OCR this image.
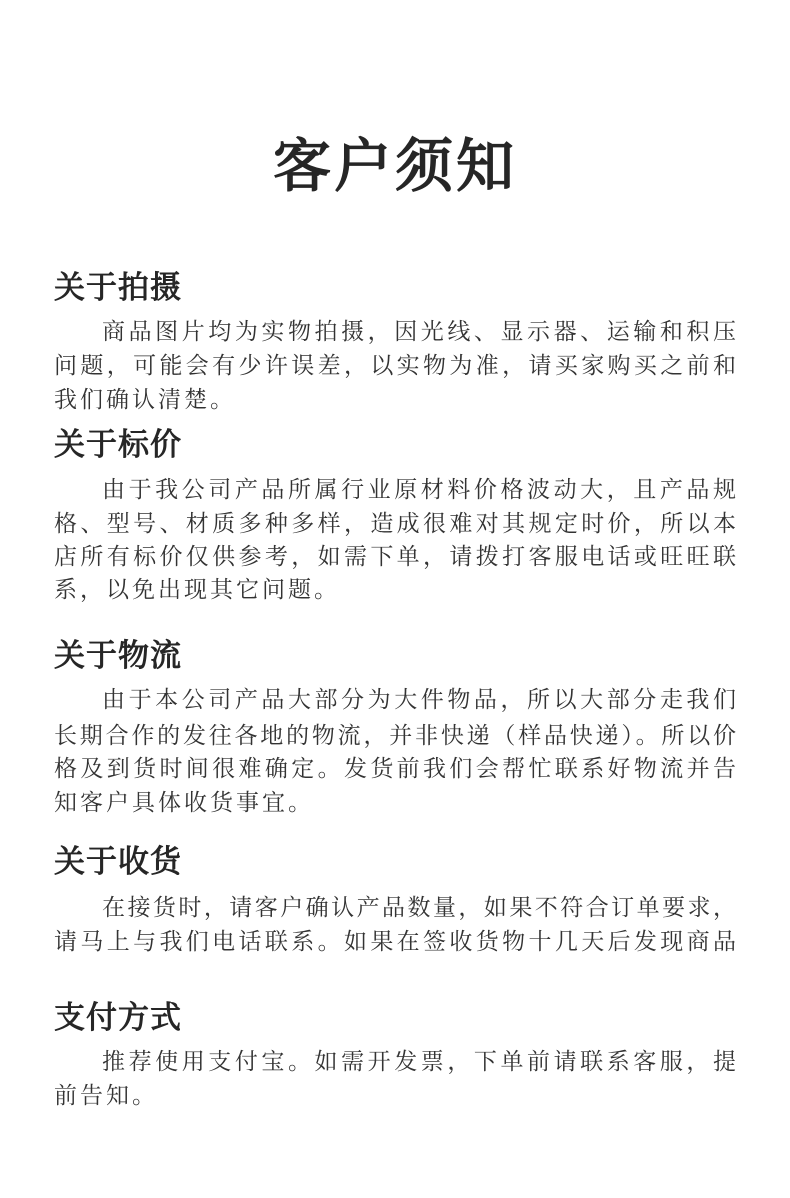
客户须知
关于拍摄
商品图片均为实物拍摄，因光线、显示器、运输和积压
问题，可能会有少许误差，以实物为准，请买家购买之前和
我们确认清楚。
关于标价
由于我公司产品所属行业原材料价格波动大，且产品规
格、型号、材质多种多样，造成很难对其规定时价，所以本
店所有标价仅供参考，如需下单，请拨打客服电话或旺旺联
系，以免出现其它问题。
关于物流
由于本公司产品大部分为大件物品，所以大部分走我们
长期合作的发往各地的物流，并非快递（样品快递）。所以价
格及到货时间很难确定。发货前我们会帮忙联系好物流并告
知客户具体收货事宜。
关于收货
在接货时，请客户确认产品数量，如果不符合订单要求，
请马上与我们电话联系。如果在签收货物十几天后发现商品
支付方式
推荐使用支付宝。如需开发票，下单前请联系客服，提
前告知。
